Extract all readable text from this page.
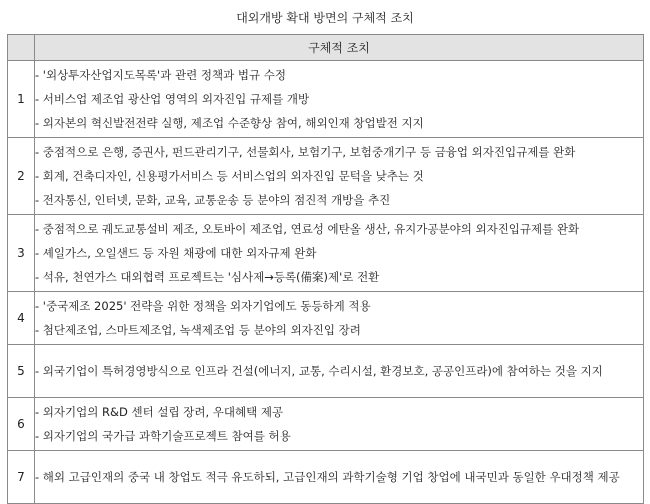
대외개방 확대 방면의 구체적 조치
	구체적 조치
1	- '외상투자산업지도목록'과 관련 정책과 법규 수정
- 서비스업 제조업 광산업 영역의 외자진입 규제를 개방
- 외자본의 혁신발전전략 실행, 제조업 수준향상 참여, 해외인재 창업발전 지지

2	- 중점적으로 은행, 증권사, 펀드관리기구, 선물회사, 보험기구, 보험중개기구 등 금융업 외자진입규제를 완화
- 회계, 건축디자인, 신용평가서비스 등 서비스업의 외자진입 문턱을 낮추는 것
- 전자통신, 인터넷, 문화, 교육, 교통운송 등 분야의 점진적 개방을 추진

3	- 중점적으로 궤도교통설비 제조, 오토바이 제조업, 연료성 에탄올 생산, 유지가공분야의 외자진입규제를 완화
- 셰일가스, 오일샌드 등 자원 채광에 대한 외자규제 완화
- 석유, 천연가스 대외협력 프로젝트는 '심사제→등록(備案)제'로 전환

4	- '중국제조 2025' 전략을 위한 정책을 외자기업에도 동등하게 적용
- 첨단제조업, 스마트제조업, 녹색제조업 등 분야의 외자진입 장려

5	- 외국기업이 특허경영방식으로 인프라 건설(에너지, 교통, 수리시설, 환경보호, 공공인프라)에 참여하는 것을 지지

6	- 외자기업의 R&D 센터 설립 장려, 우대혜택 제공
- 외자기업의 국가급 과학기술프로젝트 참여를 허용

7	- 해외 고급인재의 중국 내 창업도 적극 유도하되, 고급인재의 과학기술형 기업 창업에 내국민과 동일한 우대정책 제공
